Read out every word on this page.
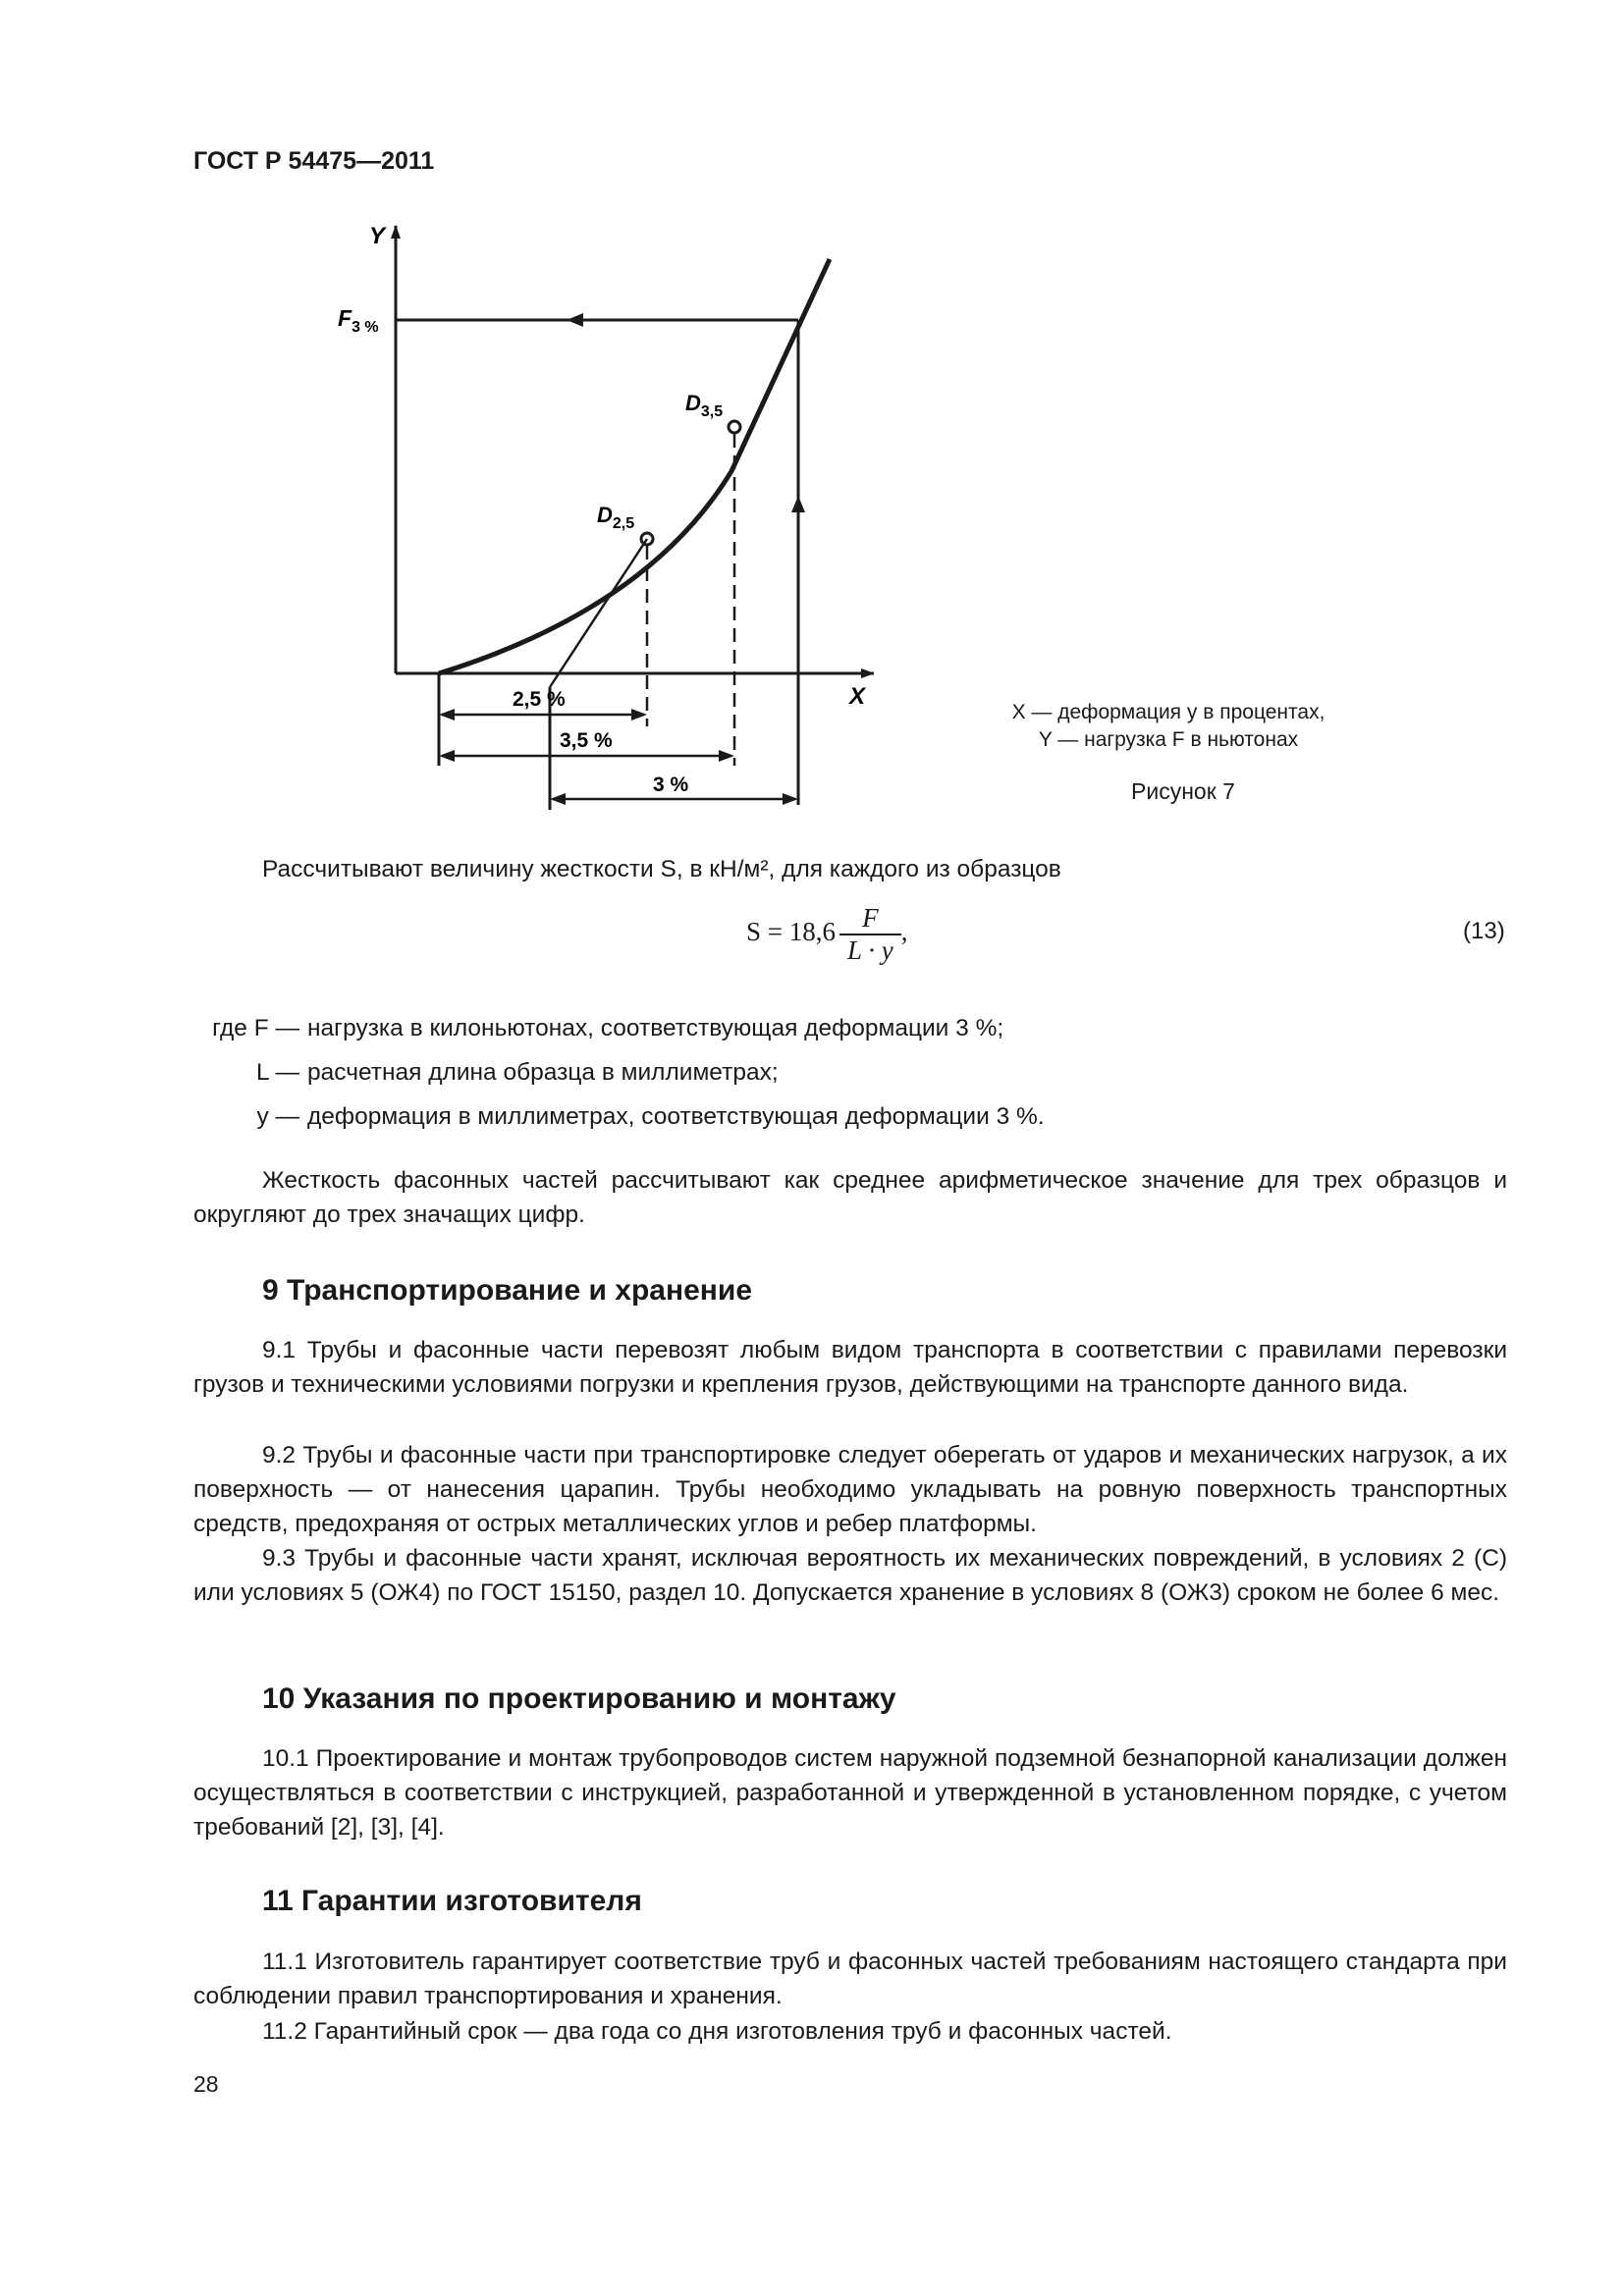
ГОСТ Р 54475—2011
Y
X
$F_{3 \%}$
$D_{3,5}$
$D_{2,5}$
2,5 %
3,5 %
3 %
X — деформация y в процентах,
Y — нагрузка F в ньютонах
Рисунок 7
Рассчитывают величину жесткости S, в кН/м², для каждого из образцов
$S = 18,6 \frac{F}{L \cdot y}$ ,	(13)
где F — нагрузка в килоньютонах, соответствующая деформации 3 %;
L — расчетная длина образца в миллиметрах;
y — деформация в миллиметрах, соответствующая деформации 3 %.
Жесткость фасонных частей рассчитывают как среднее арифметическое значение для трех образцов и округляют до трех значащих цифр.
9 Транспортирование и хранение
9.1 Трубы и фасонные части перевозят любым видом транспорта в соответствии с правилами перевозки грузов и техническими условиями погрузки и крепления грузов, действующими на транспорте данного вида.
9.2 Трубы и фасонные части при транспортировке следует оберегать от ударов и механических нагрузок, а их поверхность — от нанесения царапин. Трубы необходимо укладывать на ровную поверхность транспортных средств, предохраняя от острых металлических углов и ребер платформы.
9.3 Трубы и фасонные части хранят, исключая вероятность их механических повреждений, в условиях 2 (С) или условиях 5 (ОЖ4) по ГОСТ 15150, раздел 10. Допускается хранение в условиях 8 (ОЖ3) сроком не более 6 мес.
10 Указания по проектированию и монтажу
10.1 Проектирование и монтаж трубопроводов систем наружной подземной безнапорной канализации должен осуществляться в соответствии с инструкцией, разработанной и утвержденной в установленном порядке, с учетом требований [2], [3], [4].
11 Гарантии изготовителя
11.1 Изготовитель гарантирует соответствие труб и фасонных частей требованиям настоящего стандарта при соблюдении правил транспортирования и хранения.
11.2 Гарантийный срок — два года со дня изготовления труб и фасонных частей.
28
